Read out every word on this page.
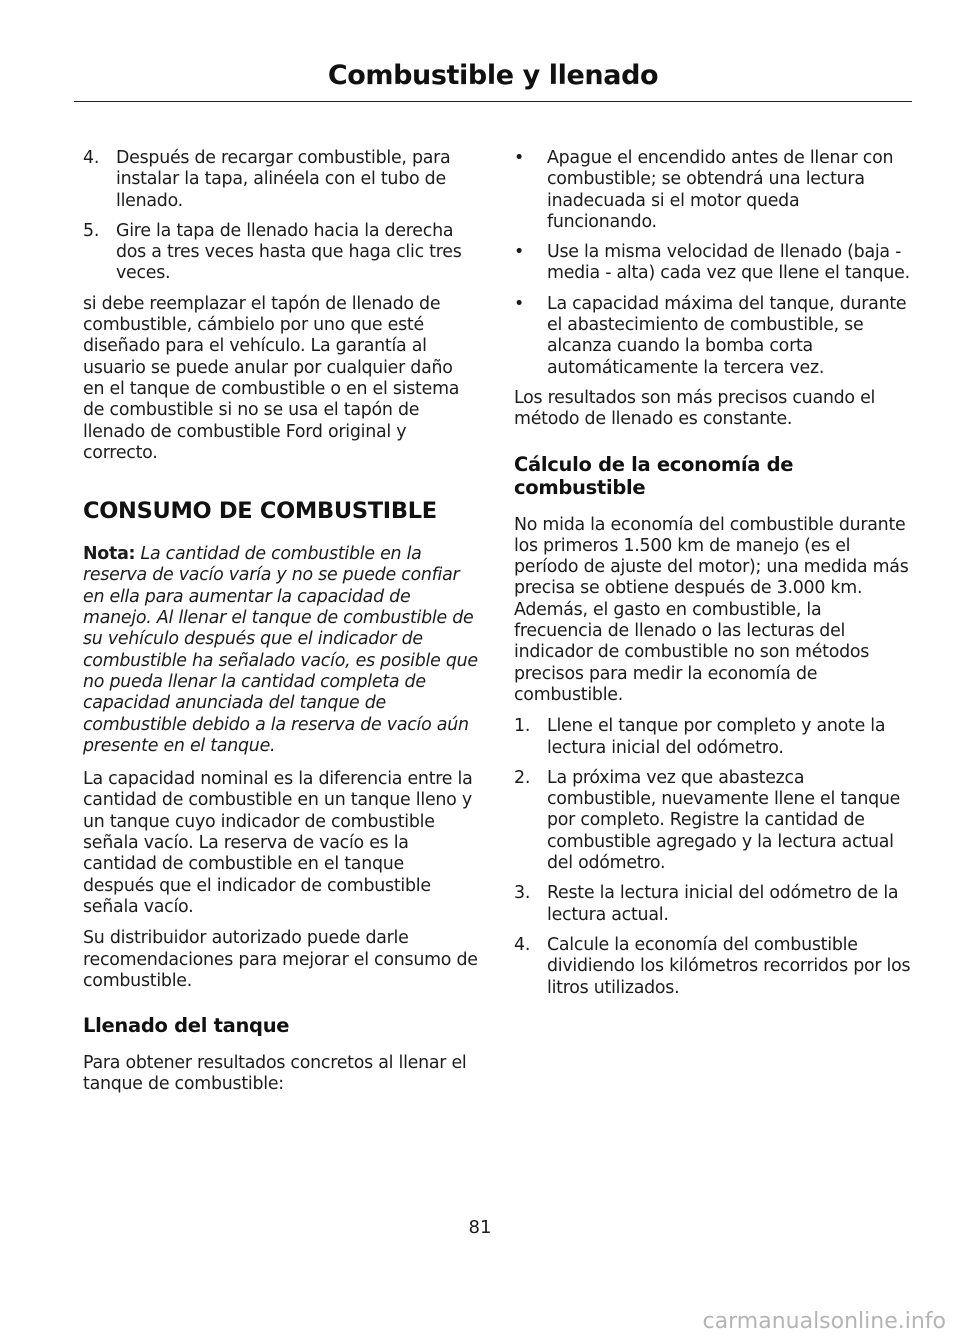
Combustible y llenado
4. Después de recargar combustible, para instalar la tapa, alinéela con el tubo de llenado.
5. Gire la tapa de llenado hacia la derecha dos a tres veces hasta que haga clic tres veces.

si debe reemplazar el tapón de llenado de combustible, cámbielo por uno que esté diseñado para el vehículo. La garantía al usuario se puede anular por cualquier daño en el tanque de combustible o en el sistema de combustible si no se usa el tapón de llenado de combustible Ford original y correcto.

CONSUMO DE COMBUSTIBLE

Nota: La cantidad de combustible en la reserva de vacío varía y no se puede confiar en ella para aumentar la capacidad de manejo. Al llenar el tanque de combustible de su vehículo después que el indicador de combustible ha señalado vacío, es posible que no pueda llenar la cantidad completa de capacidad anunciada del tanque de combustible debido a la reserva de vacío aún presente en el tanque.

La capacidad nominal es la diferencia entre la cantidad de combustible en un tanque lleno y un tanque cuyo indicador de combustible señala vacío. La reserva de vacío es la cantidad de combustible en el tanque después que el indicador de combustible señala vacío.

Su distribuidor autorizado puede darle recomendaciones para mejorar el consumo de combustible.

Llenado del tanque

Para obtener resultados concretos al llenar el tanque de combustible:

• Apague el encendido antes de llenar con combustible; se obtendrá una lectura inadecuada si el motor queda funcionando.
• Use la misma velocidad de llenado (baja - media - alta) cada vez que llene el tanque.
• La capacidad máxima del tanque, durante el abastecimiento de combustible, se alcanza cuando la bomba corta automáticamente la tercera vez.

Los resultados son más precisos cuando el método de llenado es constante.

Cálculo de la economía de combustible

No mida la economía del combustible durante los primeros 1.500 km de manejo (es el período de ajuste del motor); una medida más precisa se obtiene después de 3.000 km. Además, el gasto en combustible, la frecuencia de llenado o las lecturas del indicador de combustible no son métodos precisos para medir la economía de combustible.

1. Llene el tanque por completo y anote la lectura inicial del odómetro.
2. La próxima vez que abastezca combustible, nuevamente llene el tanque por completo. Registre la cantidad de combustible agregado y la lectura actual del odómetro.
3. Reste la lectura inicial del odómetro de la lectura actual.
4. Calcule la economía del combustible dividiendo los kilómetros recorridos por los litros utilizados.
81
carmanualsonline.info
